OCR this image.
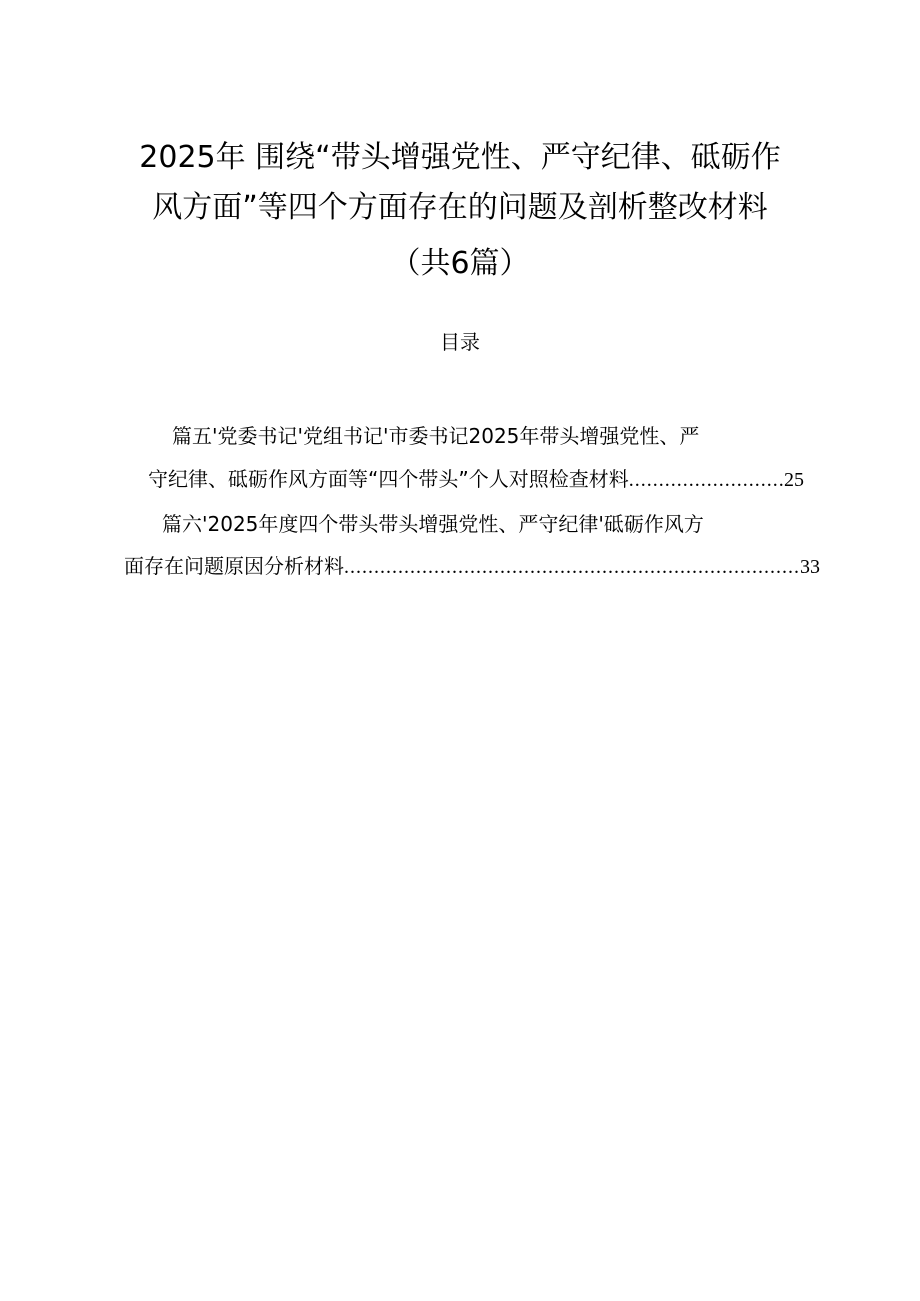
2025年 围绕“带头增强党性、严守纪律、砥砺作
风方面”等四个方面存在的问题及剖析整改材料
（共6篇）
目录
篇五'党委书记'党组书记'市委书记2025年带头增强党性、严
守纪律、砥砺作风方面等“四个带头”个人对照检查材料 .....	25
篇六'2025年度四个带头带头增强党性、严守纪律'砥砺作风方
面存在问题原因分析材料 .....	33
